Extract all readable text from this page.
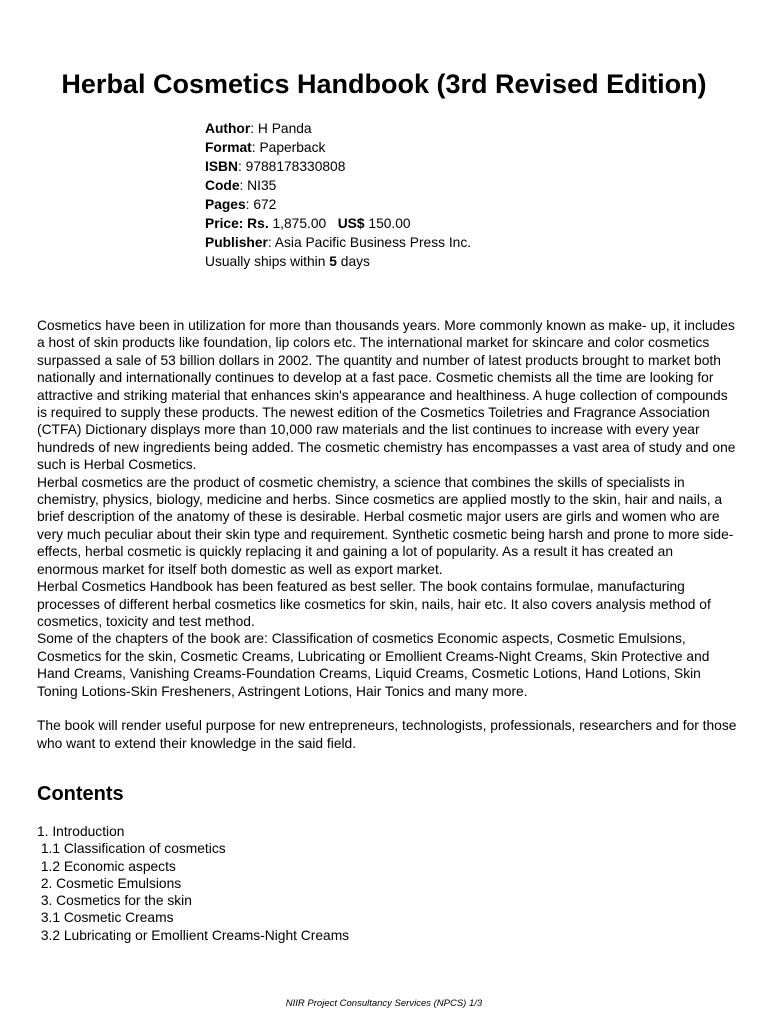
Herbal Cosmetics Handbook (3rd Revised Edition)
Author: H Panda
Format: Paperback
ISBN: 9788178330808
Code: NI35
Pages: 672
Price: Rs. 1,875.00 US$ 150.00
Publisher: Asia Pacific Business Press Inc.
Usually ships within 5 days

Cosmetics have been in utilization for more than thousands years. More commonly known as make- up, it includes a host of skin products like foundation, lip colors etc. The international market for skincare and color cosmetics surpassed a sale of 53 billion dollars in 2002. The quantity and number of latest products brought to market both nationally and internationally continues to develop at a fast pace. Cosmetic chemists all the time are looking for attractive and striking material that enhances skin's appearance and healthiness. A huge collection of compounds is required to supply these products. The newest edition of the Cosmetics Toiletries and Fragrance Association (CTFA) Dictionary displays more than 10,000 raw materials and the list continues to increase with every year hundreds of new ingredients being added. The cosmetic chemistry has encompasses a vast area of study and one such is Herbal Cosmetics.

Herbal cosmetics are the product of cosmetic chemistry, a science that combines the skills of specialists in chemistry, physics, biology, medicine and herbs. Since cosmetics are applied mostly to the skin, hair and nails, a brief description of the anatomy of these is desirable. Herbal cosmetic major users are girls and women who are very much peculiar about their skin type and requirement. Synthetic cosmetic being harsh and prone to more side- effects, herbal cosmetic is quickly replacing it and gaining a lot of popularity. As a result it has created an enormous market for itself both domestic as well as export market.

Herbal Cosmetics Handbook has been featured as best seller. The book contains formulae, manufacturing processes of different herbal cosmetics like cosmetics for skin, nails, hair etc. It also covers analysis method of cosmetics, toxicity and test method.

Some of the chapters of the book are: Classification of cosmetics Economic aspects, Cosmetic Emulsions, Cosmetics for the skin, Cosmetic Creams, Lubricating or Emollient Creams-Night Creams, Skin Protective and Hand Creams, Vanishing Creams-Foundation Creams, Liquid Creams, Cosmetic Lotions, Hand Lotions, Skin Toning Lotions-Skin Fresheners, Astringent Lotions, Hair Tonics and many more.

The book will render useful purpose for new entrepreneurs, technologists, professionals, researchers and for those who want to extend their knowledge in the said field.

Contents
1. Introduction
1.1 Classification of cosmetics
1.2 Economic aspects
2. Cosmetic Emulsions
3. Cosmetics for the skin
3.1 Cosmetic Creams
3.2 Lubricating or Emollient Creams-Night Creams
NIIR Project Consultancy Services (NPCS) 1/3
